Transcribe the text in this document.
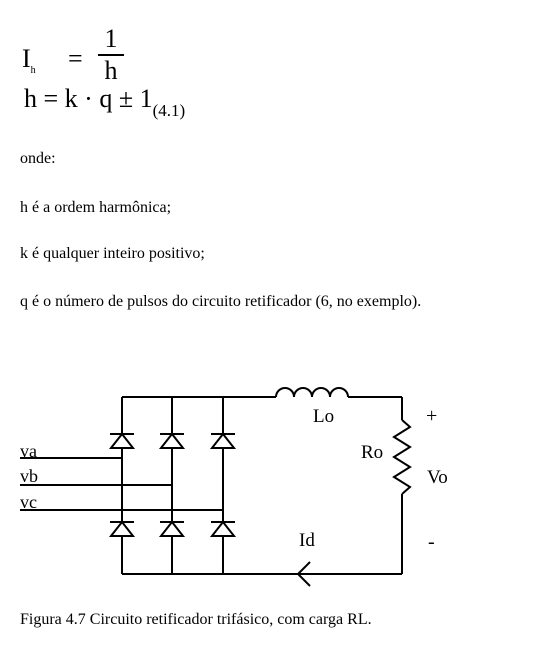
$I_h$ =
1
h
$h = k \cdot q \pm 1_{(4.1)}$
onde:
h é a ordem harmônica;
k é qualquer inteiro positivo;
q é o número de pulsos do circuito retificador (6, no exemplo).
va
vb
vc
Lo
Ro
Vo
Id
+
-
Figura 4.7 Circuito retificador trifásico, com carga RL.
